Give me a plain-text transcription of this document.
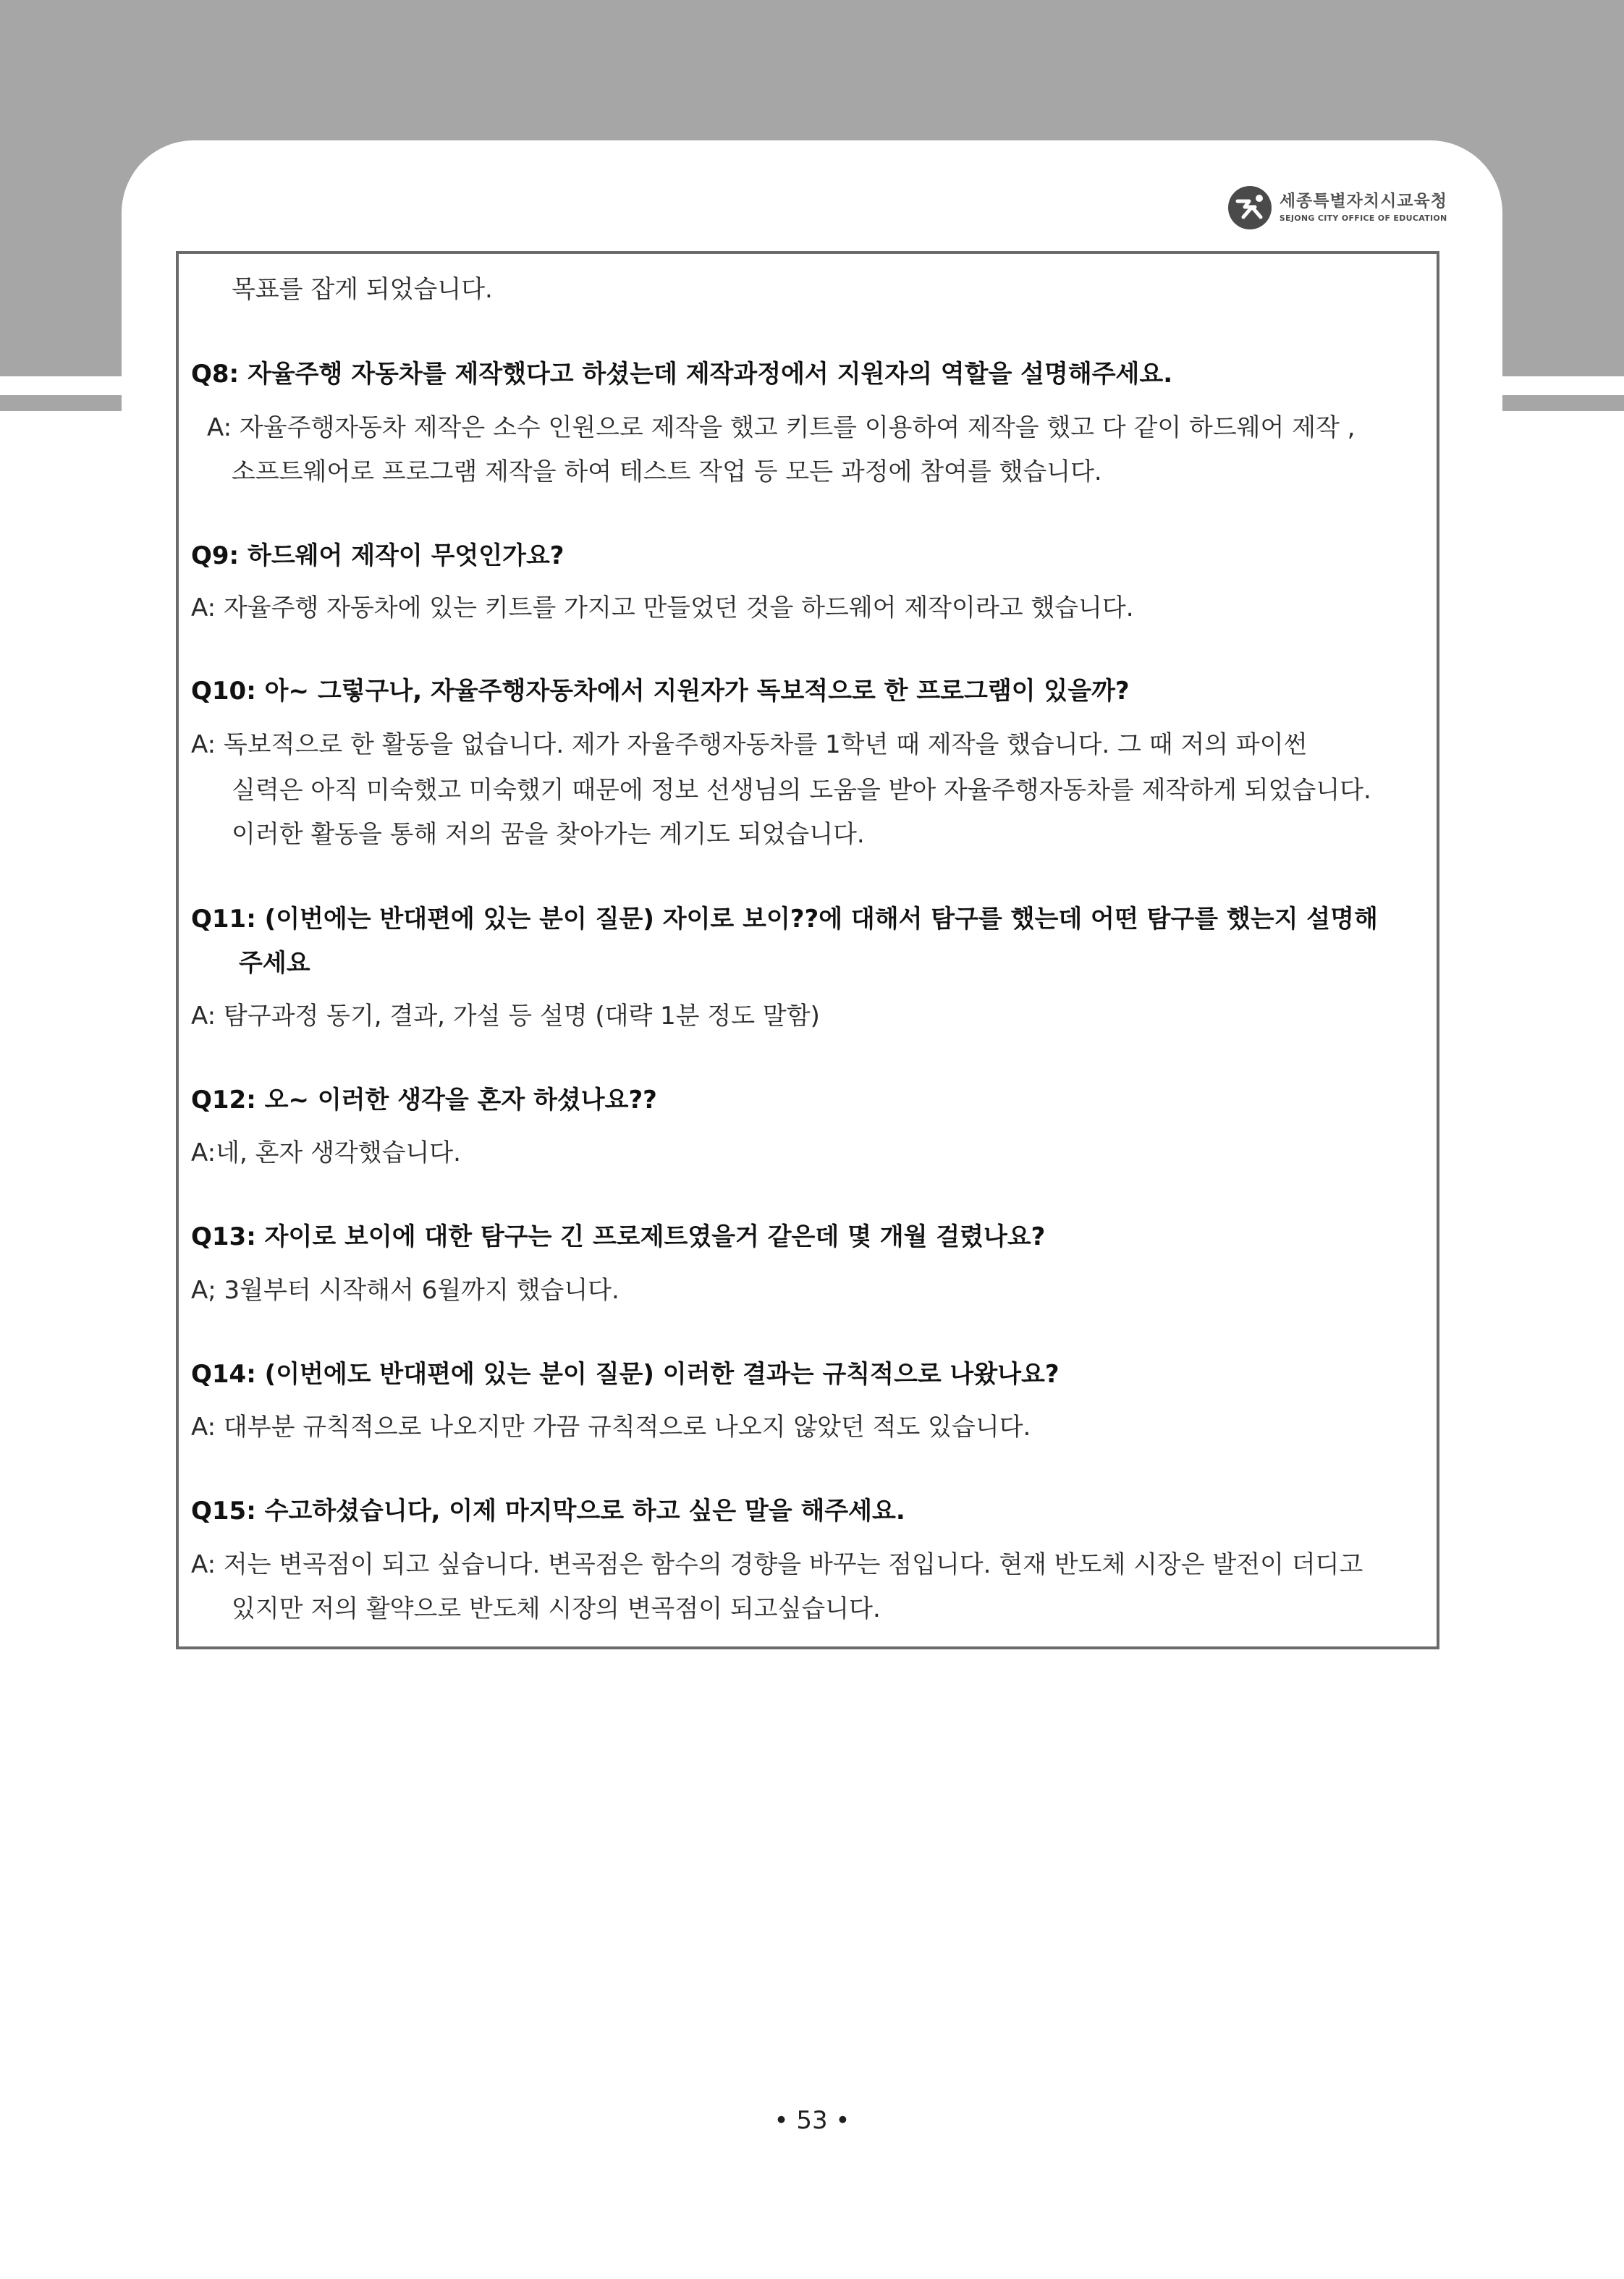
세종특별자치시교육청
SEJONG CITY OFFICE OF EDUCATION
목표를 잡게 되었습니다.
Q8: 자율주행 자동차를 제작했다고 하셨는데 제작과정에서 지원자의 역할을 설명해주세요.
A: 자율주행자동차 제작은 소수 인원으로 제작을 했고 키트를 이용하여 제작을 했고 다 같이 하드웨어 제작 ,
소프트웨어로 프로그램 제작을 하여 테스트 작업 등 모든 과정에 참여를 했습니다.
Q9: 하드웨어 제작이 무엇인가요?
A: 자율주행 자동차에 있는 키트를 가지고 만들었던 것을 하드웨어 제작이라고 했습니다.
Q10: 아~ 그렇구나, 자율주행자동차에서 지원자가 독보적으로 한 프로그램이 있을까?
A: 독보적으로 한 활동을 없습니다. 제가 자율주행자동차를 1학년 때 제작을 했습니다. 그 때 저의 파이썬
실력은 아직 미숙했고 미숙했기 때문에 정보 선생님의 도움을 받아 자율주행자동차를 제작하게 되었습니다.
이러한 활동을 통해 저의 꿈을 찾아가는 계기도 되었습니다.
Q11: (이번에는 반대편에 있는 분이 질문) 자이로 보이??에 대해서 탐구를 했는데 어떤 탐구를 했는지 설명해
주세요
A: 탐구과정 동기, 결과, 가설 등 설명 (대략 1분 정도 말함)
Q12: 오~ 이러한 생각을 혼자 하셨나요??
A:네, 혼자 생각했습니다.
Q13: 자이로 보이에 대한 탐구는 긴 프로제트였을거 같은데 몇 개월 걸렸나요?
A; 3월부터 시작해서 6월까지 했습니다.
Q14: (이번에도 반대편에 있는 분이 질문) 이러한 결과는 규칙적으로 나왔나요?
A: 대부분 규칙적으로 나오지만 가끔 규칙적으로 나오지 않았던 적도 있습니다.
Q15: 수고하셨습니다, 이제 마지막으로 하고 싶은 말을 해주세요.
A: 저는 변곡점이 되고 싶습니다. 변곡점은 함수의 경향을 바꾸는 점입니다. 현재 반도체 시장은 발전이 더디고
있지만 저의 활약으로 반도체 시장의 변곡점이 되고싶습니다.
• 53 •
